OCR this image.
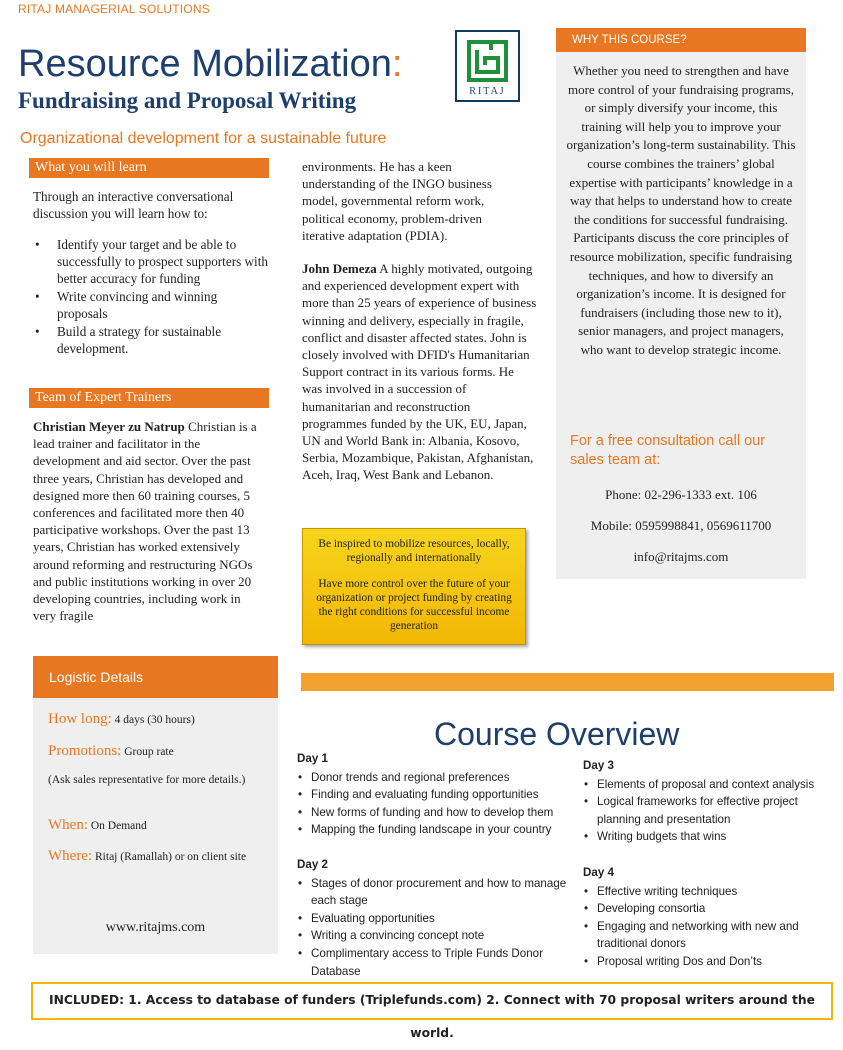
RITAJ MANAGERIAL SOLUTIONS
Resource Mobilization:
Fundraising and Proposal Writing
Organizational development for a sustainable future
RITAJ
What you will learn
Through an interactive conversational discussion you will learn how to:
• Identify your target and be able to successfully to prospect supporters with better accuracy for funding
• Write convincing and winning proposals
• Build a strategy for sustainable development.
Team of Expert Trainers
Christian Meyer zu Natrup Christian is a lead trainer and facilitator in the development and aid sector. Over the past three years, Christian has developed and designed more then 60 training courses, 5 conferences and facilitated more then 40 participative workshops. Over the past 13 years, Christian has worked extensively around reforming and restructuring NGOs and public institutions working in over 20 developing countries, including work in very fragile
environments. He has a keen understanding of the INGO business model, governmental reform work, political economy, problem-driven iterative adaptation (PDIA).
John Demeza A highly motivated, outgoing and experienced development expert with more than 25 years of experience of business winning and delivery, especially in fragile, conflict and disaster affected states. John is closely involved with DFID's Humanitarian Support contract in its various forms. He was involved in a succession of humanitarian and reconstruction programmes funded by the UK, EU, Japan, UN and World Bank in: Albania, Kosovo, Serbia, Mozambique, Pakistan, Afghanistan, Aceh, Iraq, West Bank and Lebanon.
Be inspired to mobilize resources, locally, regionally and internationally
Have more control over the future of your organization or project funding by creating the right conditions for successful income generation
WHY THIS COURSE?
Whether you need to strengthen and have more control of your fundraising programs, or simply diversify your income, this training will help you to improve your organization’s long-term sustainability. This course combines the trainers’ global expertise with participants’ knowledge in a way that helps to understand how to create the conditions for successful fundraising.
Participants discuss the core principles of resource mobilization, specific fundraising techniques, and how to diversify an organization’s income. It is designed for fundraisers (including those new to it), senior managers, and project managers, who want to develop strategic income.
For a free consultation call our sales team at:
Phone: 02-296-1333 ext. 106
Mobile: 0595998841, 0569611700
info@ritajms.com
Logistic Details
How long: 4 days (30 hours)
Promotions: Group rate
(Ask sales representative for more details.)
When: On Demand
Where: Ritaj (Ramallah) or on client site
www.ritajms.com
Course Overview
Day 1
• Donor trends and regional preferences
• Finding and evaluating funding opportunities
• New forms of funding and how to develop them
• Mapping the funding landscape in your country
Day 2
• Stages of donor procurement and how to manage each stage
• Evaluating opportunities
• Writing a convincing concept note
• Complimentary access to Triple Funds Donor Database
Day 3
• Elements of proposal and context analysis
• Logical frameworks for effective project planning and presentation
• Writing budgets that wins
Day 4
• Effective writing techniques
• Developing consortia
• Engaging and networking with new and traditional donors
• Proposal writing Dos and Don’ts
INCLUDED: 1. Access to database of funders (Triplefunds.com) 2. Connect with 70 proposal writers around the world.
